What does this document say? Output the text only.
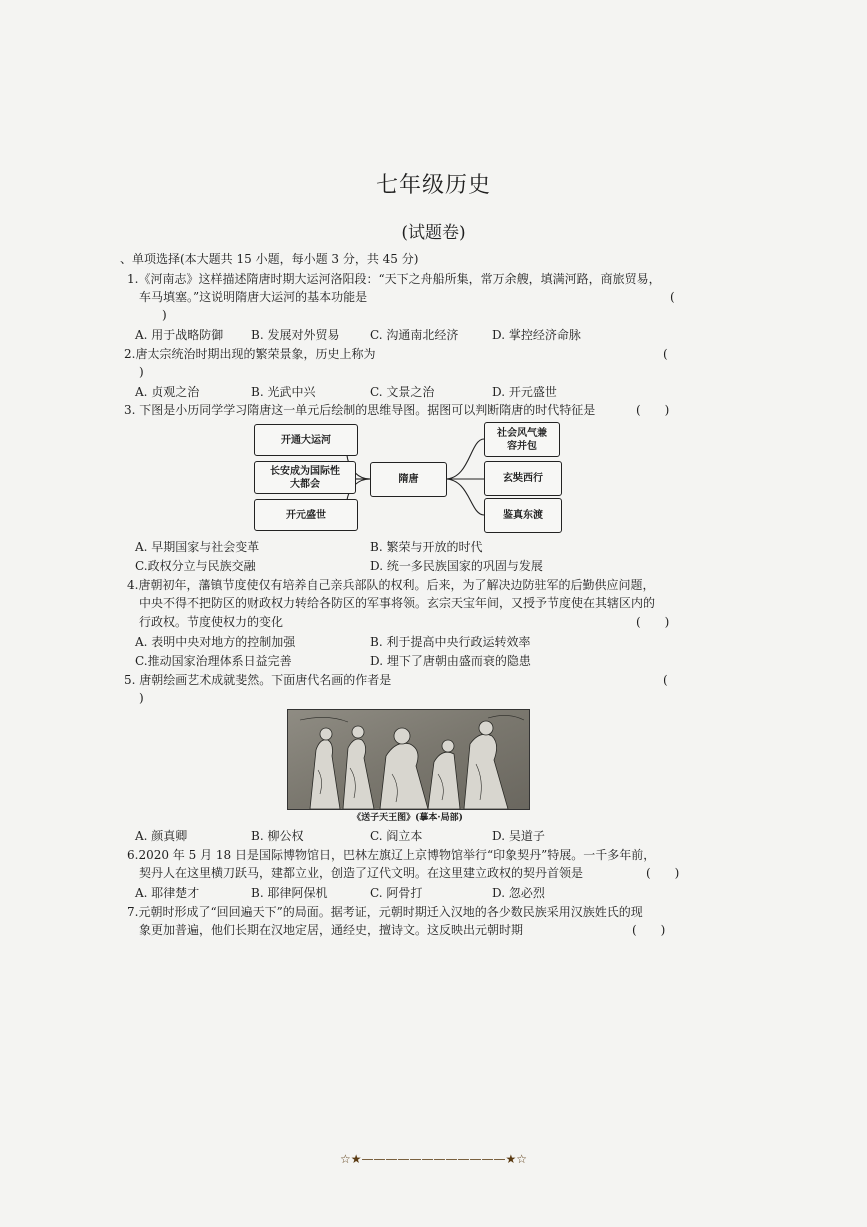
七年级历史
(试题卷)
、单项选择(本大题共 15 小题，每小题 3 分，共 45 分)
1.《河南志》这样描述隋唐时期大运河洛阳段：“天下之舟船所集，常万余艘，填满河路，商旅贸易，
车马填塞。”这说明隋唐大运河的基本功能是	(
)
A. 用于战略防御 B. 发展对外贸易	C. 沟通南北经济	D. 掌控经济命脉
2.唐太宗统治时期出现的繁荣景象，历史上称为	(
)
A. 贞观之治	B. 光武中兴	C. 文景之治	D. 开元盛世
3. 下图是小历同学学习隋唐这一单元后绘制的思维导图。据图可以判断隋唐的时代特征是	(　　)
开通大运河
长安成为国际性大都会
开元盛世
隋唐
社会风气兼容并包
玄奘西行
鉴真东渡
A. 早期国家与社会变革	B. 繁荣与开放的时代
C.政权分立与民族交融	D. 统一多民族国家的巩固与发展
4.唐朝初年，藩镇节度使仅有培养自己亲兵部队的权利。后来，为了解决边防驻军的后勤供应问题，
中央不得不把防区的财政权力转给各防区的军事将领。玄宗天宝年间，又授予节度使在其辖区内的
行政权。节度使权力的变化	(　　)
A. 表明中央对地方的控制加强	B. 利于提高中央行政运转效率
C.推动国家治理体系日益完善	D. 埋下了唐朝由盛而衰的隐患
5. 唐朝绘画艺术成就斐然。下面唐代名画的作者是	(
)
《送子天王图》(摹本·局部)
A. 颜真卿	B. 柳公权	C. 阎立本	D. 吴道子
6.2020 年 5 月 18 日是国际博物馆日，巴林左旗辽上京博物馆举行“印象契丹”特展。一千多年前，
契丹人在这里横刀跃马，建都立业，创造了辽代文明。在这里建立政权的契丹首领是	(　　)
A. 耶律楚才	B. 耶律阿保机	C. 阿骨打	D. 忽必烈
7.元朝时形成了“回回遍天下”的局面。据考证，元朝时期迁入汉地的各少数民族采用汉族姓氏的现
象更加普遍，他们长期在汉地定居，通经史，擅诗文。这反映出元朝时期	(　　)
☆★————————————★☆
